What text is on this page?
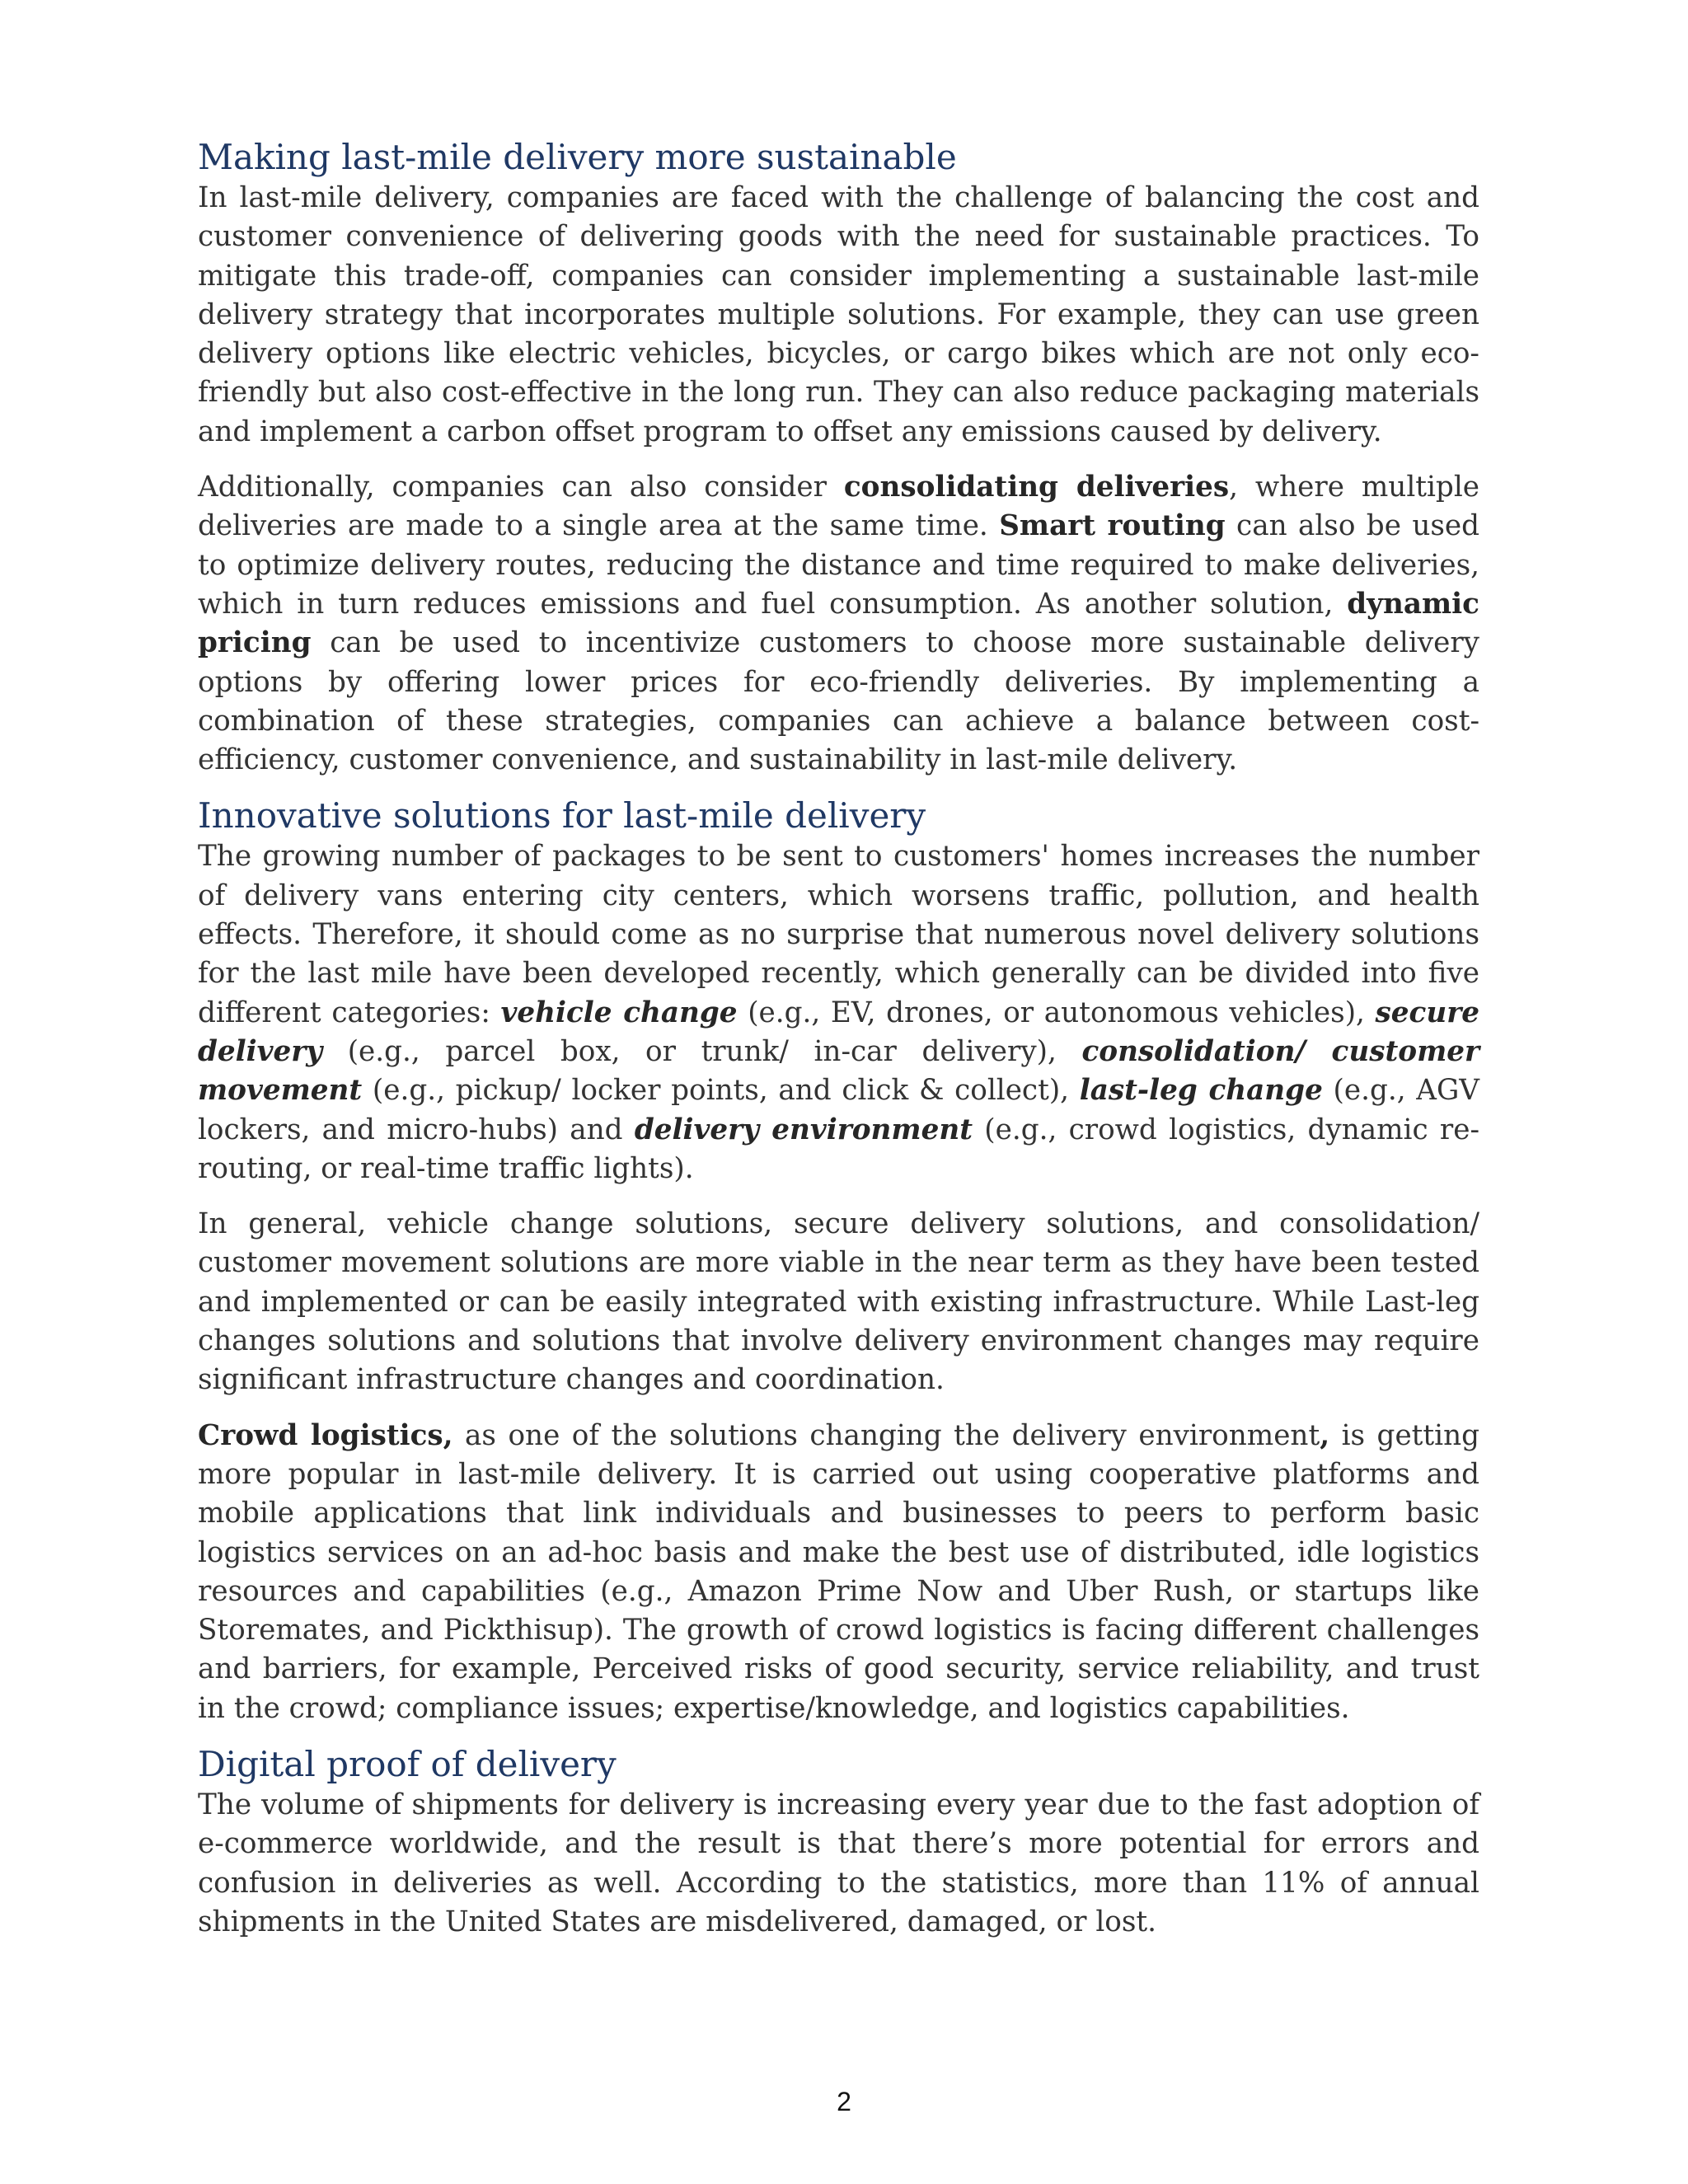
Making last-mile delivery more sustainable

In last-mile delivery, companies are faced with the challenge of balancing the cost and customer convenience of delivering goods with the need for sustainable practices. To mitigate this trade-off, companies can consider implementing a sustainable last-mile delivery strategy that incorporates multiple solutions. For example, they can use green delivery options like electric vehicles, bicycles, or cargo bikes which are not only eco-friendly but also cost-effective in the long run. They can also reduce packaging materials and implement a carbon offset program to offset any emissions caused by delivery.

Additionally, companies can also consider consolidating deliveries, where multiple deliveries are made to a single area at the same time. Smart routing can also be used to optimize delivery routes, reducing the distance and time required to make deliveries, which in turn reduces emissions and fuel consumption. As another solution, dynamic pricing can be used to incentivize customers to choose more sustainable delivery options by offering lower prices for eco-friendly deliveries. By implementing a combination of these strategies, companies can achieve a balance between cost-efficiency, customer convenience, and sustainability in last-mile delivery.

Innovative solutions for last-mile delivery

The growing number of packages to be sent to customers' homes increases the number of delivery vans entering city centers, which worsens traffic, pollution, and health effects. Therefore, it should come as no surprise that numerous novel delivery solutions for the last mile have been developed recently, which generally can be divided into five different categories: vehicle change (e.g., EV, drones, or autonomous vehicles), secure delivery (e.g., parcel box, or trunk/ in-car delivery), consolidation/ customer movement (e.g., pickup/ locker points, and click & collect), last-leg change (e.g., AGV lockers, and micro-hubs) and delivery environment (e.g., crowd logistics, dynamic re-routing, or real-time traffic lights).

In general, vehicle change solutions, secure delivery solutions, and consolidation/ customer movement solutions are more viable in the near term as they have been tested and implemented or can be easily integrated with existing infrastructure. While Last-leg changes solutions and solutions that involve delivery environment changes may require significant infrastructure changes and coordination.

Crowd logistics, as one of the solutions changing the delivery environment, is getting more popular in last-mile delivery. It is carried out using cooperative platforms and mobile applications that link individuals and businesses to peers to perform basic logistics services on an ad-hoc basis and make the best use of distributed, idle logistics resources and capabilities (e.g., Amazon Prime Now and Uber Rush, or startups like Storemates, and Pickthisup). The growth of crowd logistics is facing different challenges and barriers, for example, Perceived risks of good security, service reliability, and trust in the crowd; compliance issues; expertise/knowledge, and logistics capabilities.

Digital proof of delivery

The volume of shipments for delivery is increasing every year due to the fast adoption of e-commerce worldwide, and the result is that there’s more potential for errors and confusion in deliveries as well. According to the statistics, more than 11% of annual shipments in the United States are misdelivered, damaged, or lost.

2
